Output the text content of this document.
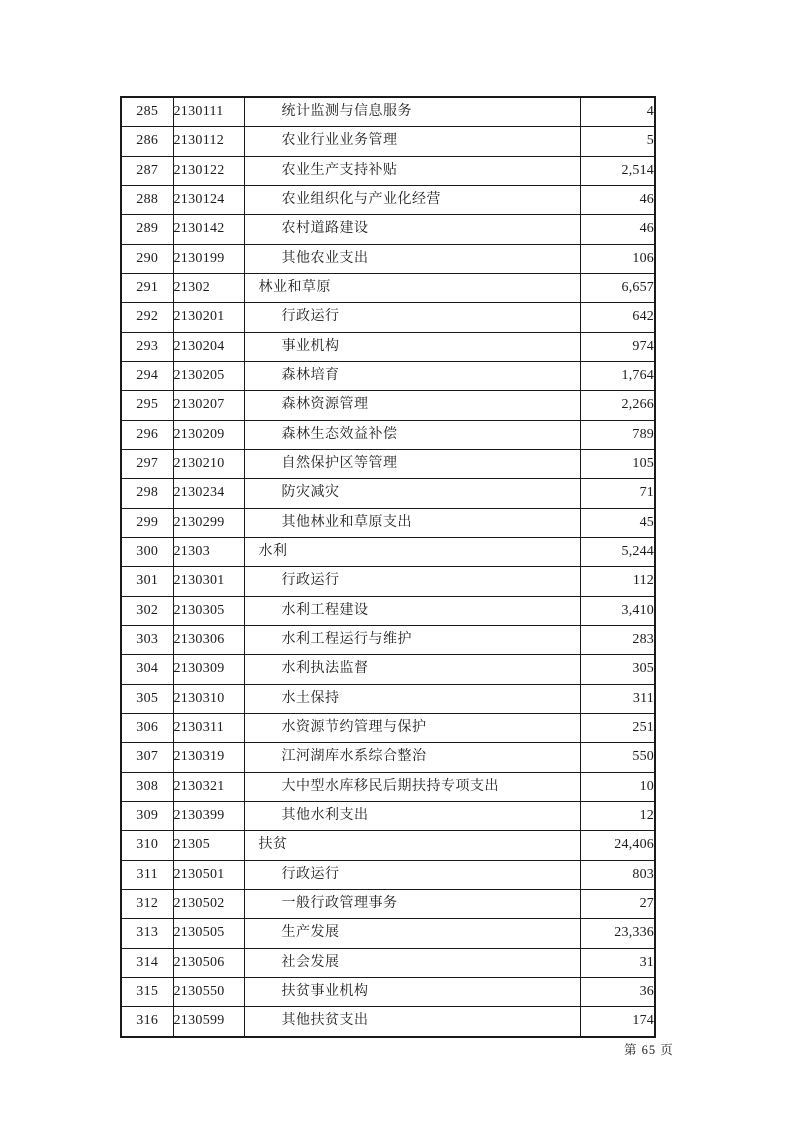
285	2130111	统计监测与信息服务	4
286	2130112	农业行业业务管理	5
287	2130122	农业生产支持补贴	2,514
288	2130124	农业组织化与产业化经营	46
289	2130142	农村道路建设	46
290	2130199	其他农业支出	106
291	21302	林业和草原	6,657
292	2130201	行政运行	642
293	2130204	事业机构	974
294	2130205	森林培育	1,764
295	2130207	森林资源管理	2,266
296	2130209	森林生态效益补偿	789
297	2130210	自然保护区等管理	105
298	2130234	防灾减灾	71
299	2130299	其他林业和草原支出	45
300	21303	水利	5,244
301	2130301	行政运行	112
302	2130305	水利工程建设	3,410
303	2130306	水利工程运行与维护	283
304	2130309	水利执法监督	305
305	2130310	水土保持	311
306	2130311	水资源节约管理与保护	251
307	2130319	江河湖库水系综合整治	550
308	2130321	大中型水库移民后期扶持专项支出	10
309	2130399	其他水利支出	12
310	21305	扶贫	24,406
311	2130501	行政运行	803
312	2130502	一般行政管理事务	27
313	2130505	生产发展	23,336
314	2130506	社会发展	31
315	2130550	扶贫事业机构	36
316	2130599	其他扶贫支出	174
第 65 页
